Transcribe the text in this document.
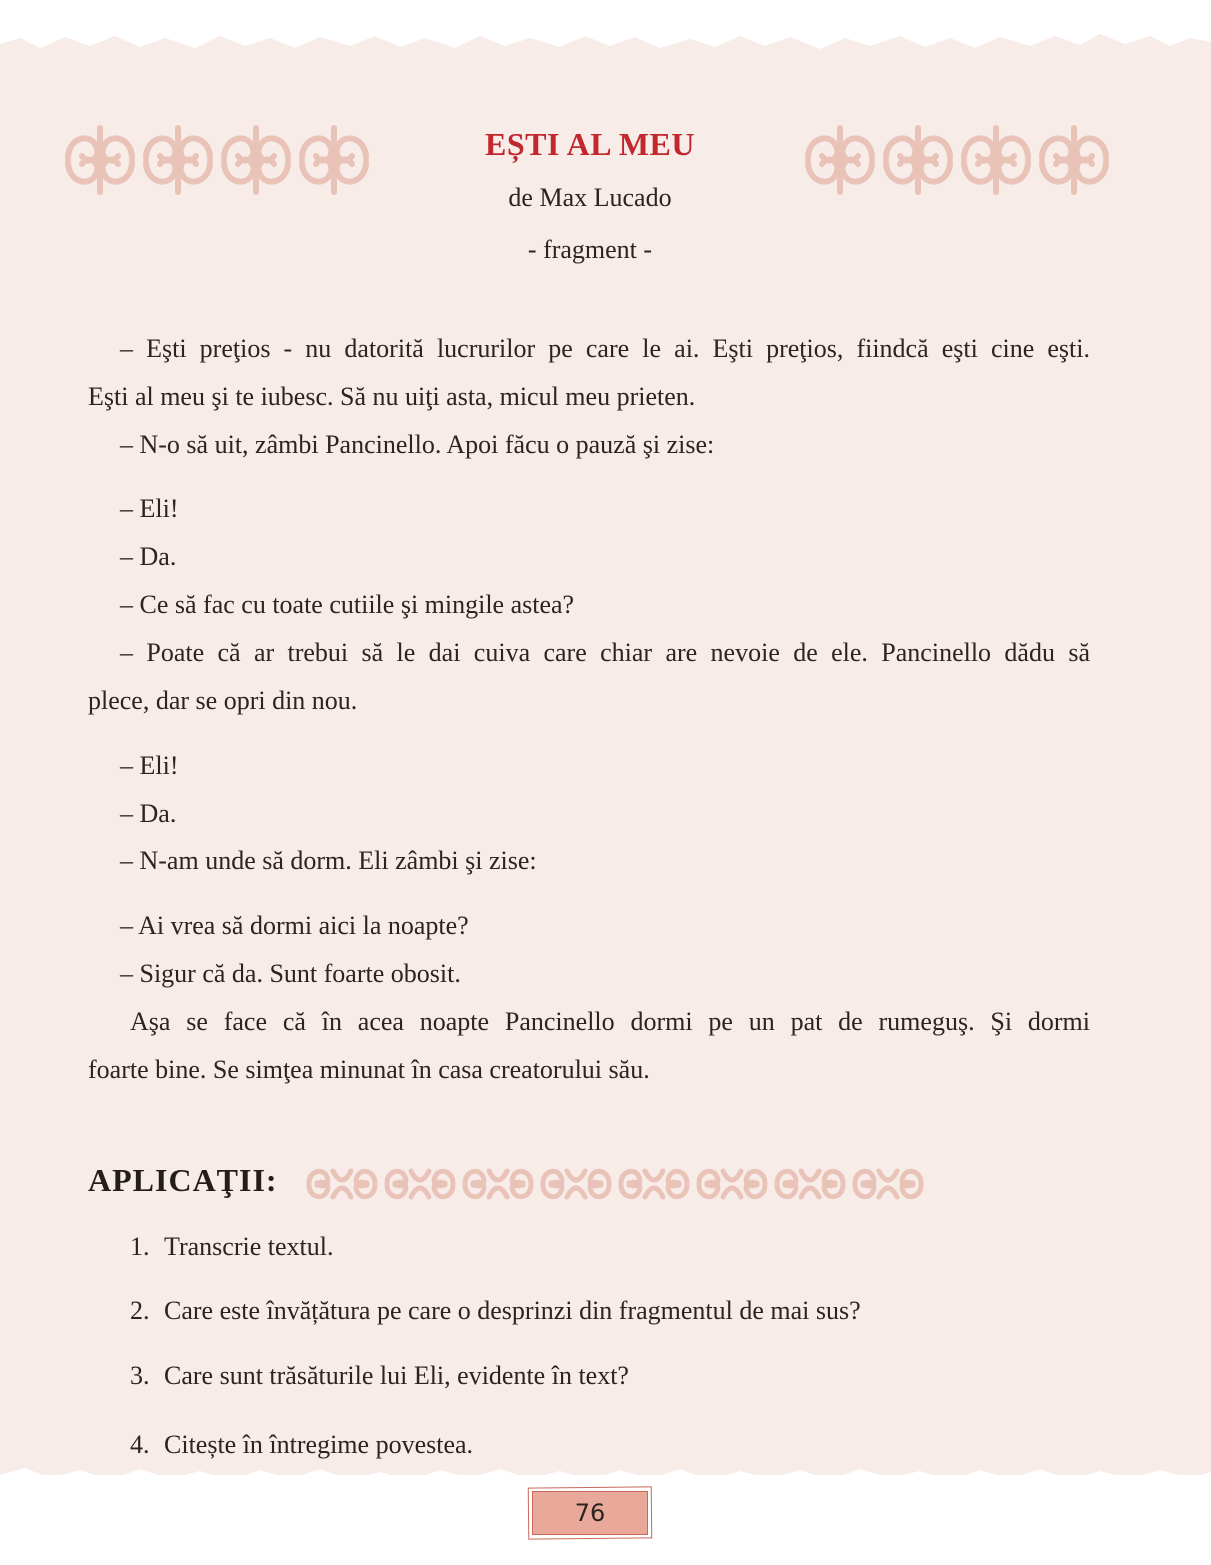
EȘTI AL MEU
de Max Lucado
- fragment -
– Eşti preţios - nu datorită lucrurilor pe care le ai. Eşti preţios, fiindcă eşti cine eşti.
Eşti al meu şi te iubesc. Să nu uiţi asta, micul meu prieten.
– N-o să uit, zâmbi Pancinello. Apoi făcu o pauză şi zise:
– Eli!
– Da.
– Ce să fac cu toate cutiile şi mingile astea?
– Poate că ar trebui să le dai cuiva care chiar are nevoie de ele. Pancinello dădu să
plece, dar se opri din nou.
– Eli!
– Da.
– N-am unde să dorm. Eli zâmbi şi zise:
– Ai vrea să dormi aici la noapte?
– Sigur că da. Sunt foarte obosit.
Aşa se face că în acea noapte Pancinello dormi pe un pat de rumeguş. Şi dormi
foarte bine. Se simţea minunat în casa creatorului său.
APLICAŢII:
1. Transcrie textul.
2. Care este învățătura pe care o desprinzi din fragmentul de mai sus?
3. Care sunt trăsăturile lui Eli, evidente în text?
4. Citește în întregime povestea.
76
